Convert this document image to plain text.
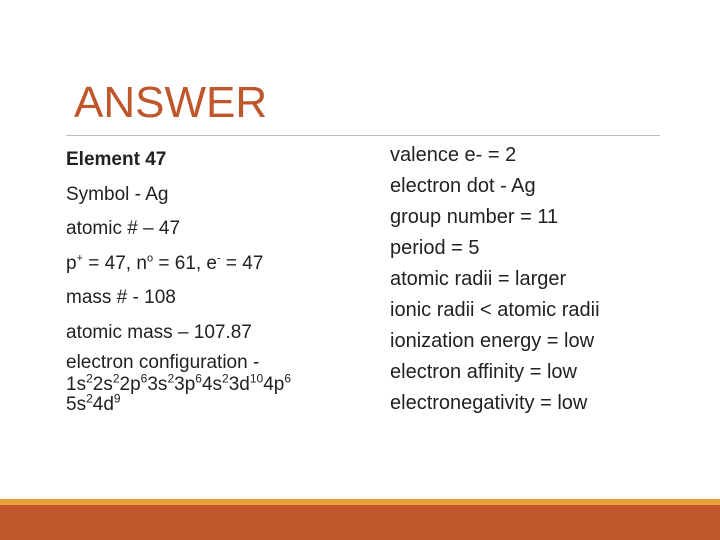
ANSWER
Element 47
Symbol - Ag
atomic # – 47
p+ = 47, $n^o = 61$, e- = 47
mass # - 108
atomic mass – 107.87
electron configuration -
$1s^22s^22p^63s^23p^64s^23d^{10}4p^6$
$5s^24d^9$
valence e- = 2
electron dot - Ag
group number = 11
period = 5
atomic radii = larger
ionic radii < atomic radii
ionization energy = low
electron affinity = low
electronegativity = low
